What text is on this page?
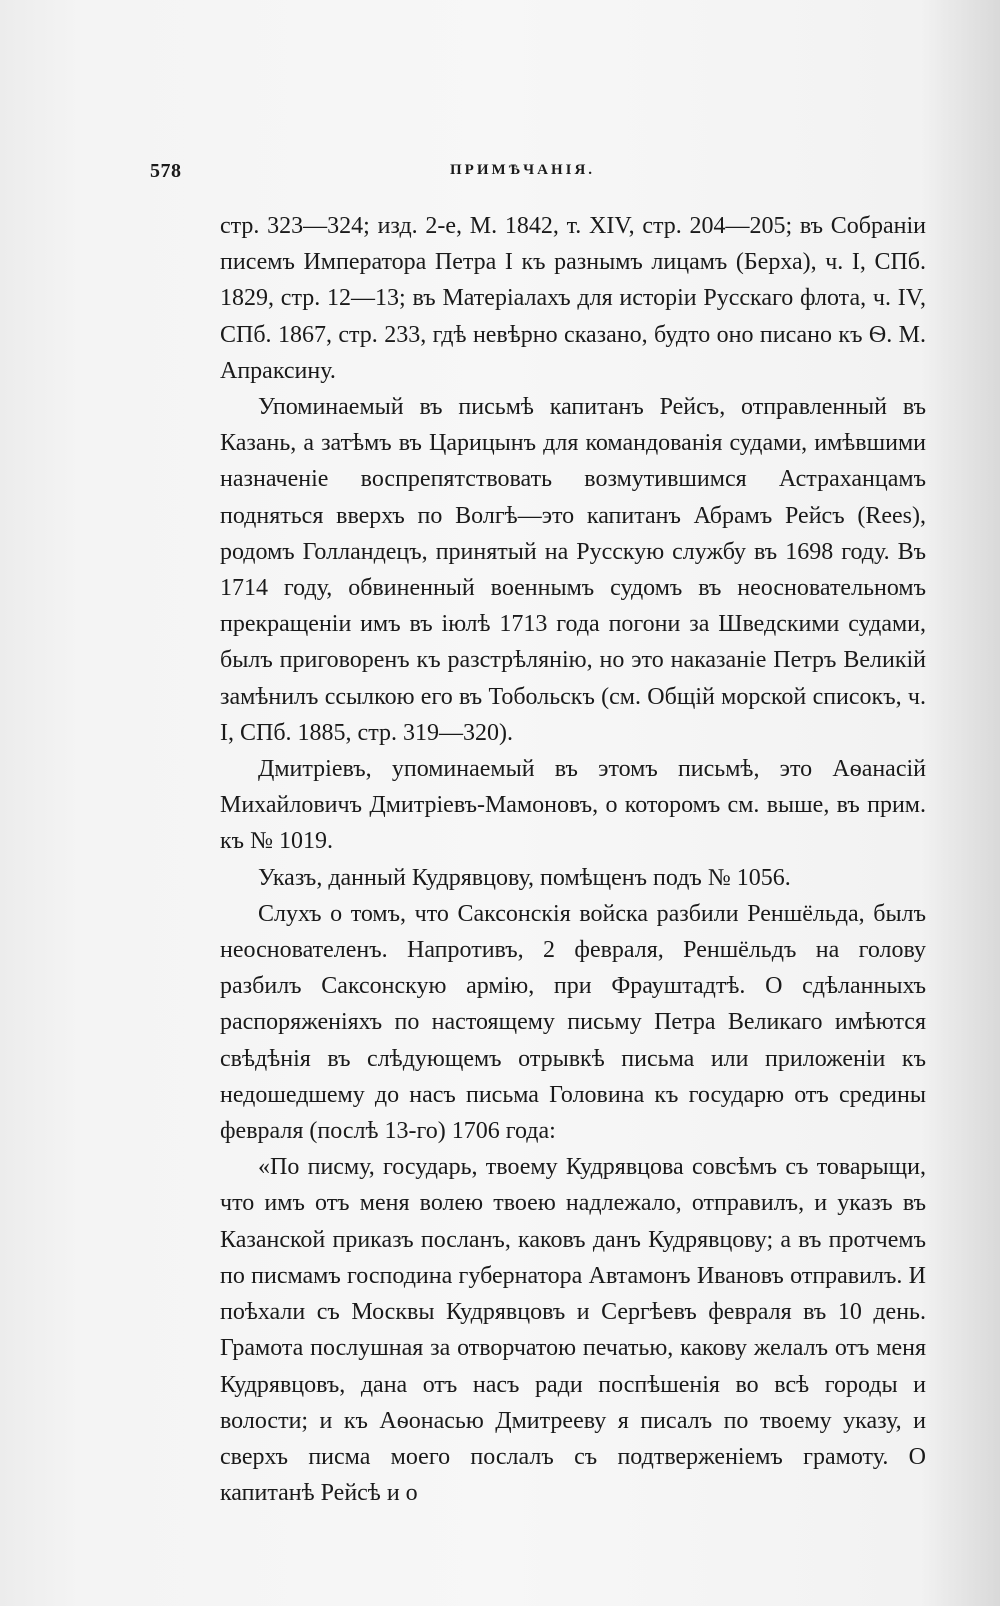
578	ПРИМѢЧАНІЯ.

стр. 323—324; изд. 2-е, М. 1842, т. XIV, стр. 204—205; въ Собраніи писемъ Императора Петра I къ разнымъ лицамъ (Берха), ч. I, СПб. 1829, стр. 12—13; въ Матеріалахъ для исторіи Русскаго флота, ч. IV, СПб. 1867, стр. 233, гдѣ невѣрно сказано, будто оно писано къ Ѳ. М. Апраксину.

Упоминаемый въ письмѣ капитанъ Рейсъ, отправленный въ Казань, а затѣмъ въ Царицынъ для командованія судами, имѣвшими назначеніе воспрепятствовать возмутившимся Астраханцамъ подняться вверхъ по Волгѣ—это капитанъ Абрамъ Рейсъ (Rees), родомъ Голландецъ, принятый на Русскую службу въ 1698 году. Въ 1714 году, обвиненный военнымъ судомъ въ неосновательномъ прекращеніи имъ въ іюлѣ 1713 года погони за Шведскими судами, былъ приговоренъ къ разстрѣлянію, но это наказаніе Петръ Великій замѣнилъ ссылкою его въ Тобольскъ (см. Общій морской списокъ, ч. I, СПб. 1885, стр. 319—320).

Дмитріевъ, упоминаемый въ этомъ письмѣ, это Аѳанасій Михайловичъ Дмитріевъ-Мамоновъ, о которомъ см. выше, въ прим. къ № 1019.

Указъ, данный Кудрявцову, помѣщенъ подъ № 1056.

Слухъ о томъ, что Саксонскія войска разбили Реншёльда, былъ неоснователенъ. Напротивъ, 2 февраля, Реншёльдъ на голову разбилъ Саксонскую армію, при Фрауштадтѣ. О сдѣланныхъ распоряженіяхъ по настоящему письму Петра Великаго имѣются свѣдѣнія въ слѣдующемъ отрывкѣ письма или приложеніи къ недошедшему до насъ письма Головина къ государю отъ средины февраля (послѣ 13-го) 1706 года:

«По писму, государь, твоему Кудрявцова совсѣмъ съ товарыщи, что имъ отъ меня волею твоею надлежало, отправилъ, и указъ въ Казанской приказъ посланъ, каковъ данъ Кудрявцову; а въ протчемъ по писмамъ господина губернатора Автамонъ Ивановъ отправилъ. И поѣхали съ Москвы Кудрявцовъ и Сергѣевъ февраля въ 10 день. Грамота послушная за отворчатою печатью, какову желалъ отъ меня Кудрявцовъ, дана отъ насъ ради поспѣшенія во всѣ городы и волости; и къ Аѳонасью Дмитрееву я писалъ по твоему указу, и сверхъ писма моего послалъ съ подтверженіемъ грамоту. О капитанѣ Рейсѣ и о
